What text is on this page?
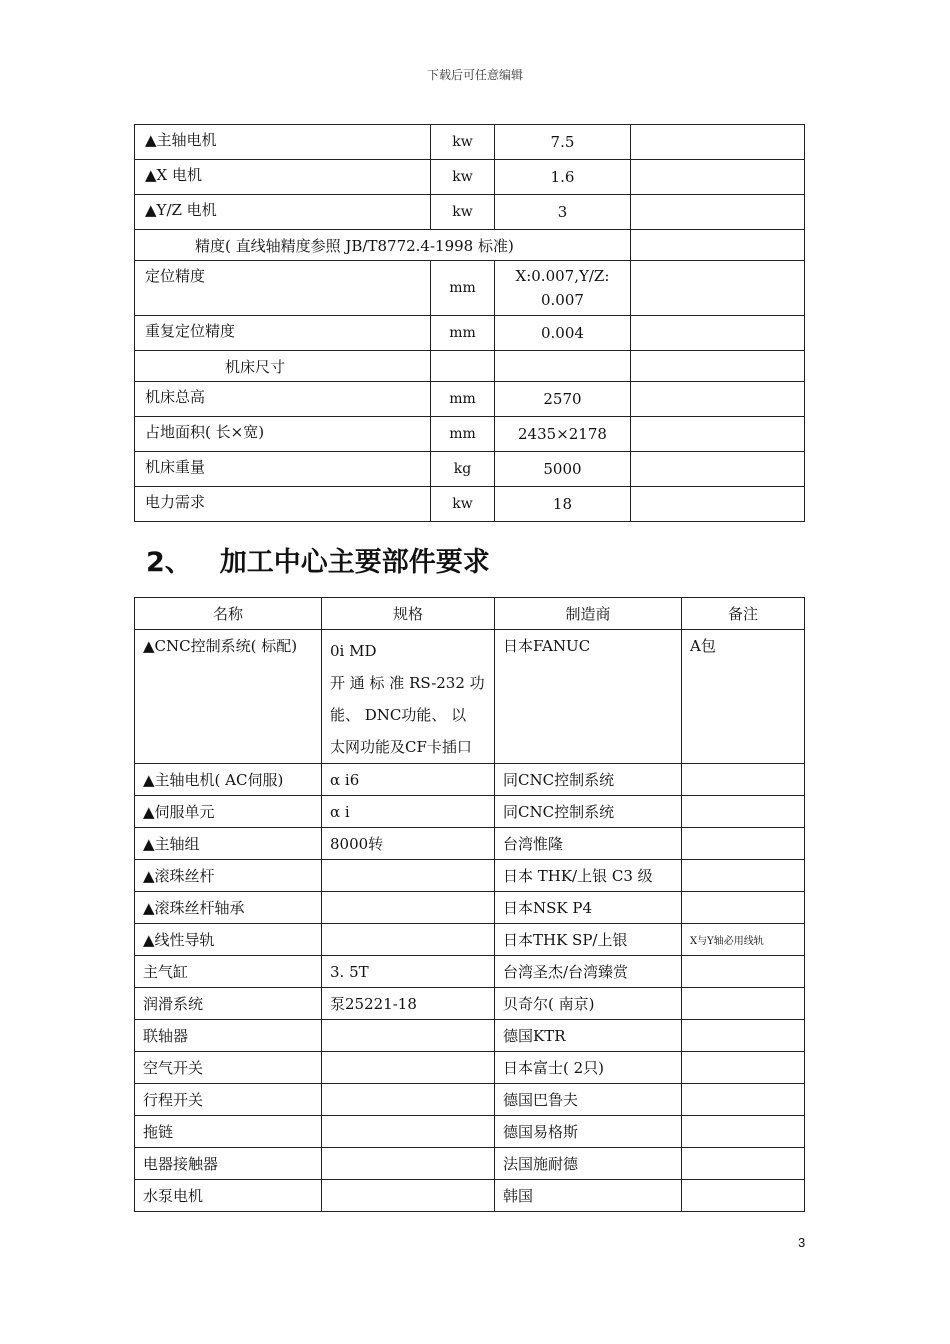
下载后可任意编辑
▲主轴电机	kw	7.5	
▲X 电机	kw	1.6	
▲Y/Z 电机	kw	3	
精度( 直线轴精度参照 JB/T8772.4-1998 标准)			
定位精度	mm	X:0.007,Y/Z:
0.007	

重复定位精度	mm	0.004	
机床尺寸			
机床总高	mm	2570	
占地面积( 长×宽)	mm	2435×2178	
机床重量	kg	5000	
电力需求	kw	18	
2、 加工中心主要部件要求
名称	规格	制造商	备注
▲CNC控制系统( 标配)	0i MD
开 通 标 准 RS-232 功
能、 DNC功能、 以
太网功能及CF卡插口	日本FANUC	A包
▲主轴电机( AC伺服)	α i6	同CNC控制系统	
▲伺服单元	α i	同CNC控制系统	
▲主轴组	8000转	台湾惟隆	
▲滚珠丝杆		日本 THK/上银 C3 级	
▲滚珠丝杆轴承		日本NSK P4	
▲线性导轨		日本THK SP/上银	X与Y轴必用线轨
主气缸	3. 5T	台湾圣杰/台湾臻赏	
润滑系统	泵25221-18	贝奇尔( 南京)	
联轴器		德国KTR	
空气开关		日本富士( 2只)	
行程开关		德国巴鲁夫	
拖链		德国易格斯	
电器接触器		法国施耐德	
水泵电机		韩国	
3
